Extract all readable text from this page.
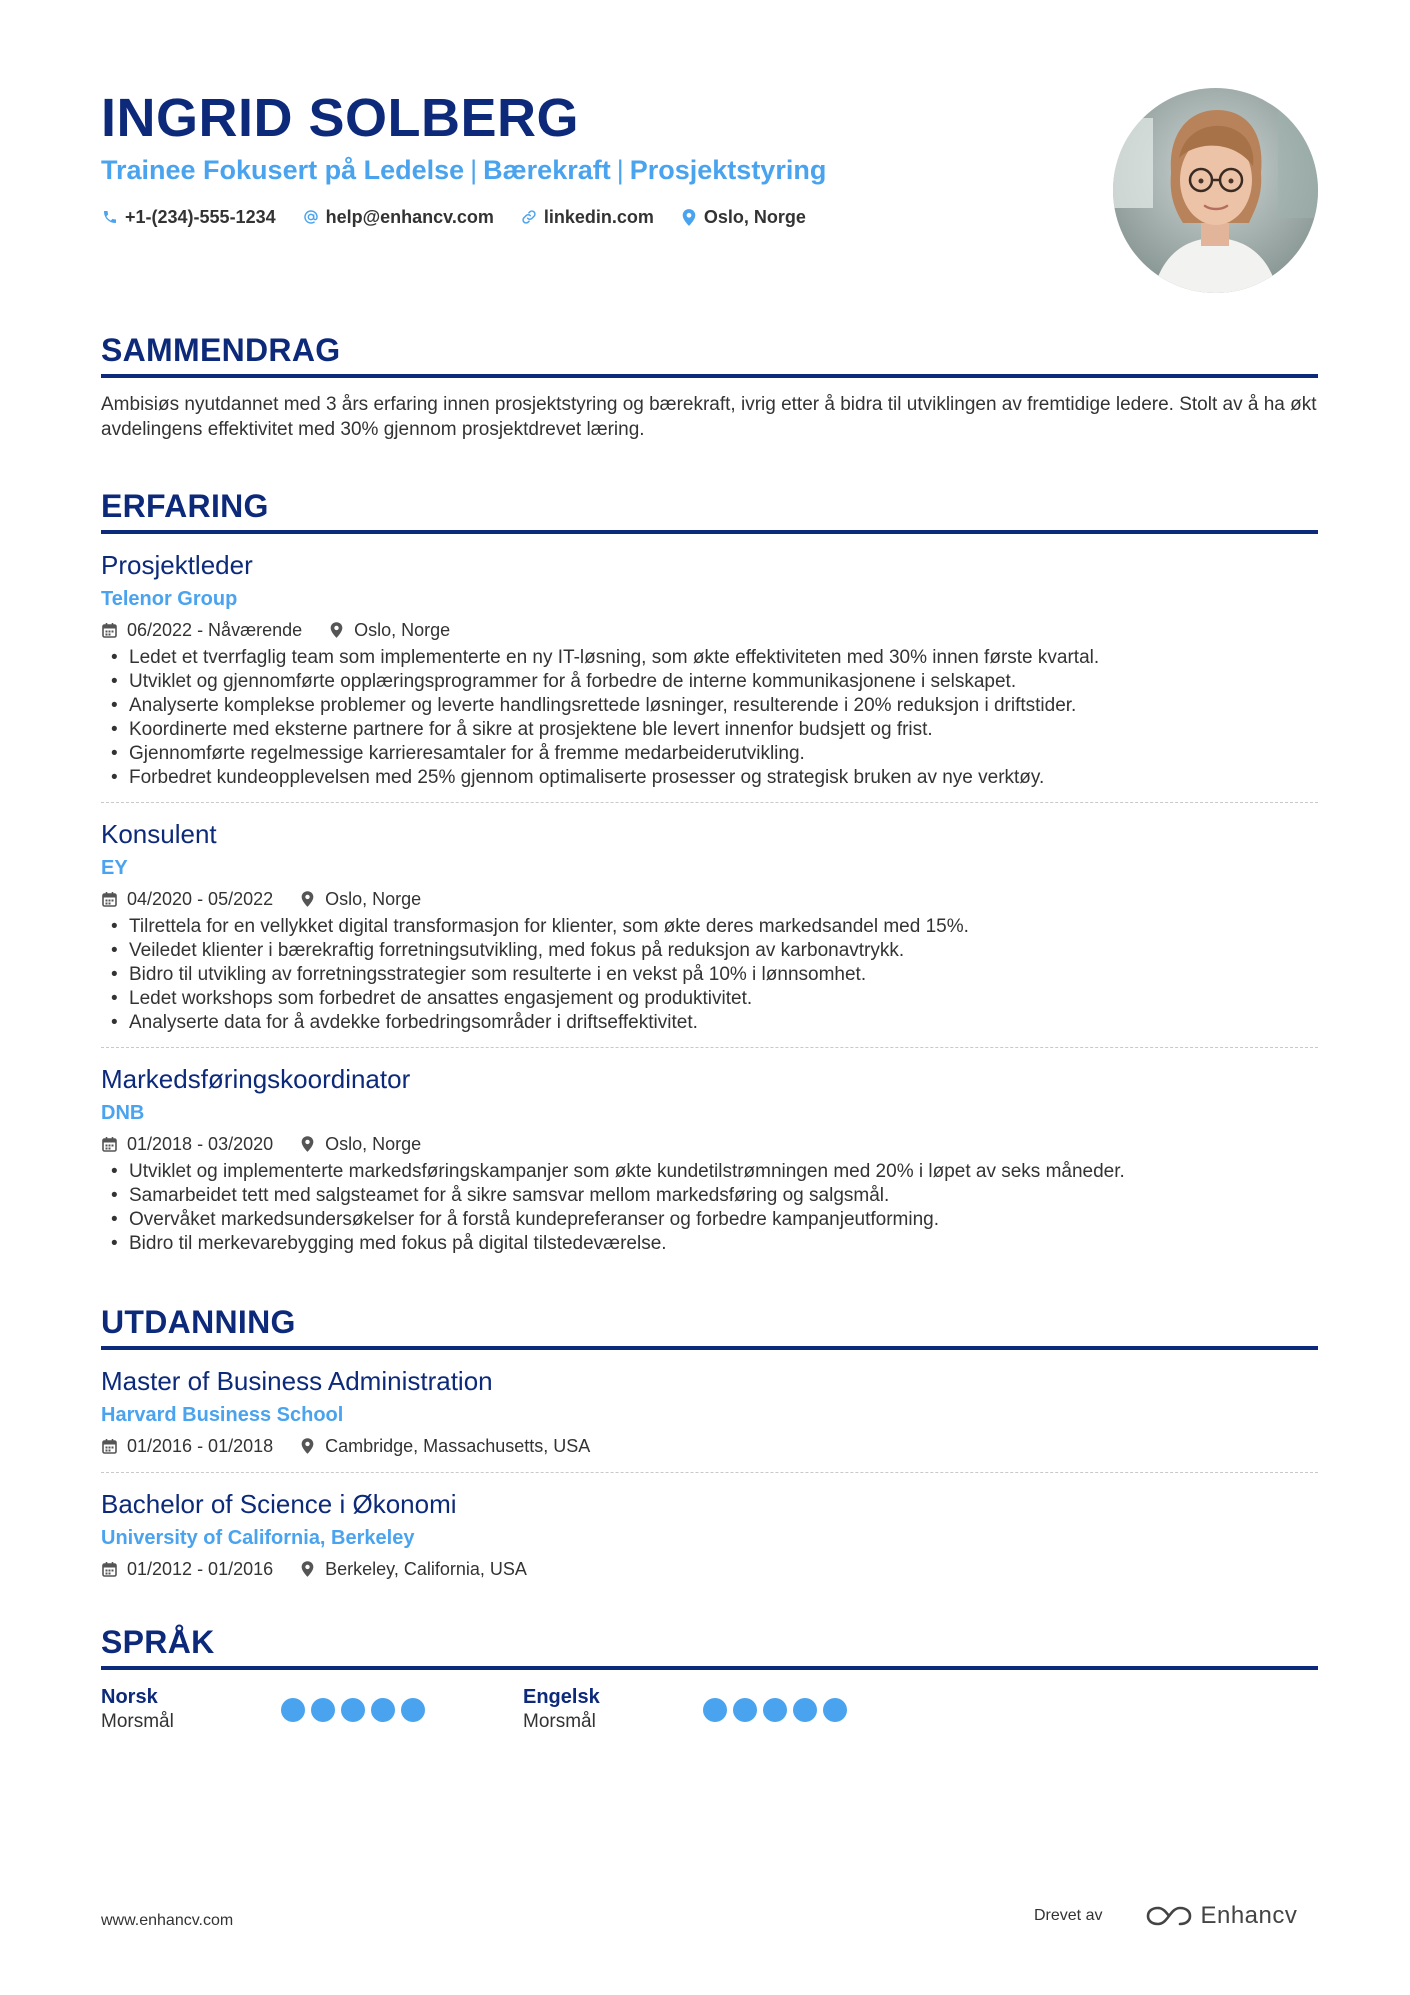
INGRID SOLBERG
Trainee Fokusert på Ledelse | Bærekraft | Prosjektstyring
+1-(234)-555-1234	help@enhancv.com	linkedin.com	Oslo, Norge
SAMMENDRAG
Ambisiøs nyutdannet med 3 års erfaring innen prosjektstyring og bærekraft, ivrig etter å bidra til utviklingen av fremtidige ledere. Stolt av å ha økt avdelingens effektivitet med 30% gjennom prosjektdrevet læring.
ERFARING
Prosjektleder
Telenor Group
06/2022 - Nåværende	Oslo, Norge
• Ledet et tverrfaglig team som implementerte en ny IT-løsning, som økte effektiviteten med 30% innen første kvartal.
• Utviklet og gjennomførte opplæringsprogrammer for å forbedre de interne kommunikasjonene i selskapet.
• Analyserte komplekse problemer og leverte handlingsrettede løsninger, resulterende i 20% reduksjon i driftstider.
• Koordinerte med eksterne partnere for å sikre at prosjektene ble levert innenfor budsjett og frist.
• Gjennomførte regelmessige karrieresamtaler for å fremme medarbeiderutvikling.
• Forbedret kundeopplevelsen med 25% gjennom optimaliserte prosesser og strategisk bruken av nye verktøy.
Konsulent
EY
04/2020 - 05/2022	Oslo, Norge
• Tilrettela for en vellykket digital transformasjon for klienter, som økte deres markedsandel med 15%.
• Veiledet klienter i bærekraftig forretningsutvikling, med fokus på reduksjon av karbonavtrykk.
• Bidro til utvikling av forretningsstrategier som resulterte i en vekst på 10% i lønnsomhet.
• Ledet workshops som forbedret de ansattes engasjement og produktivitet.
• Analyserte data for å avdekke forbedringsområder i driftseffektivitet.
Markedsføringskoordinator
DNB
01/2018 - 03/2020	Oslo, Norge
• Utviklet og implementerte markedsføringskampanjer som økte kundetilstrømningen med 20% i løpet av seks måneder.
• Samarbeidet tett med salgsteamet for å sikre samsvar mellom markedsføring og salgsmål.
• Overvåket markedsundersøkelser for å forstå kundepreferanser og forbedre kampanjeutforming.
• Bidro til merkevarebygging med fokus på digital tilstedeværelse.
UTDANNING
Master of Business Administration
Harvard Business School
01/2016 - 01/2018	Cambridge, Massachusetts, USA
Bachelor of Science i Økonomi
University of California, Berkeley
01/2012 - 01/2016	Berkeley, California, USA
SPRÅK
Norsk
Morsmål
Engelsk
Morsmål
www.enhancv.com	Drevet av	Enhancv
